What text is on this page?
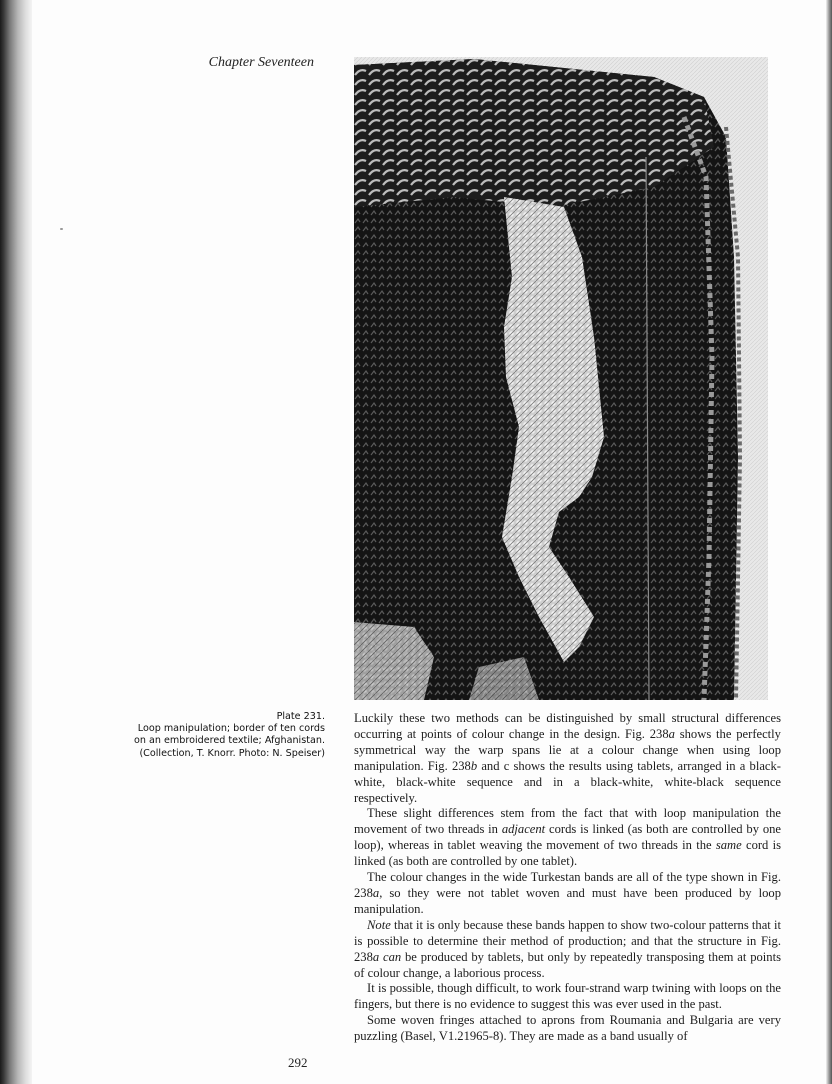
Chapter Seventeen
Plate 231.
Loop manipulation; border of ten cords
on an embroidered textile; Afghanistan.
(Collection, T. Knorr. Photo: N. Speiser)

Luckily these two methods can be distinguished by small structural differences occurring at points of colour change in the design. Fig. 238a shows the perfectly symmetrical way the warp spans lie at a colour change when using loop manipulation. Fig. 238b and c shows the results using tablets, arranged in a black-white, black-white sequence and in a black-white, white-black sequence respectively.

These slight differences stem from the fact that with loop manipulation the movement of two threads in adjacent cords is linked (as both are controlled by one loop), whereas in tablet weaving the movement of two threads in the same cord is linked (as both are controlled by one tablet).

The colour changes in the wide Turkestan bands are all of the type shown in Fig. 238a, so they were not tablet woven and must have been produced by loop manipulation.

Note that it is only because these bands happen to show two-colour patterns that it is possible to determine their method of production; and that the structure in Fig. 238a can be produced by tablets, but only by repeatedly transposing them at points of colour change, a laborious process.

It is possible, though difficult, to work four-strand warp twining with loops on the fingers, but there is no evidence to suggest this was ever used in the past.

Some woven fringes attached to aprons from Roumania and Bulgaria are very puzzling (Basel, V1.21965-8). They are made as a band usually of

292
